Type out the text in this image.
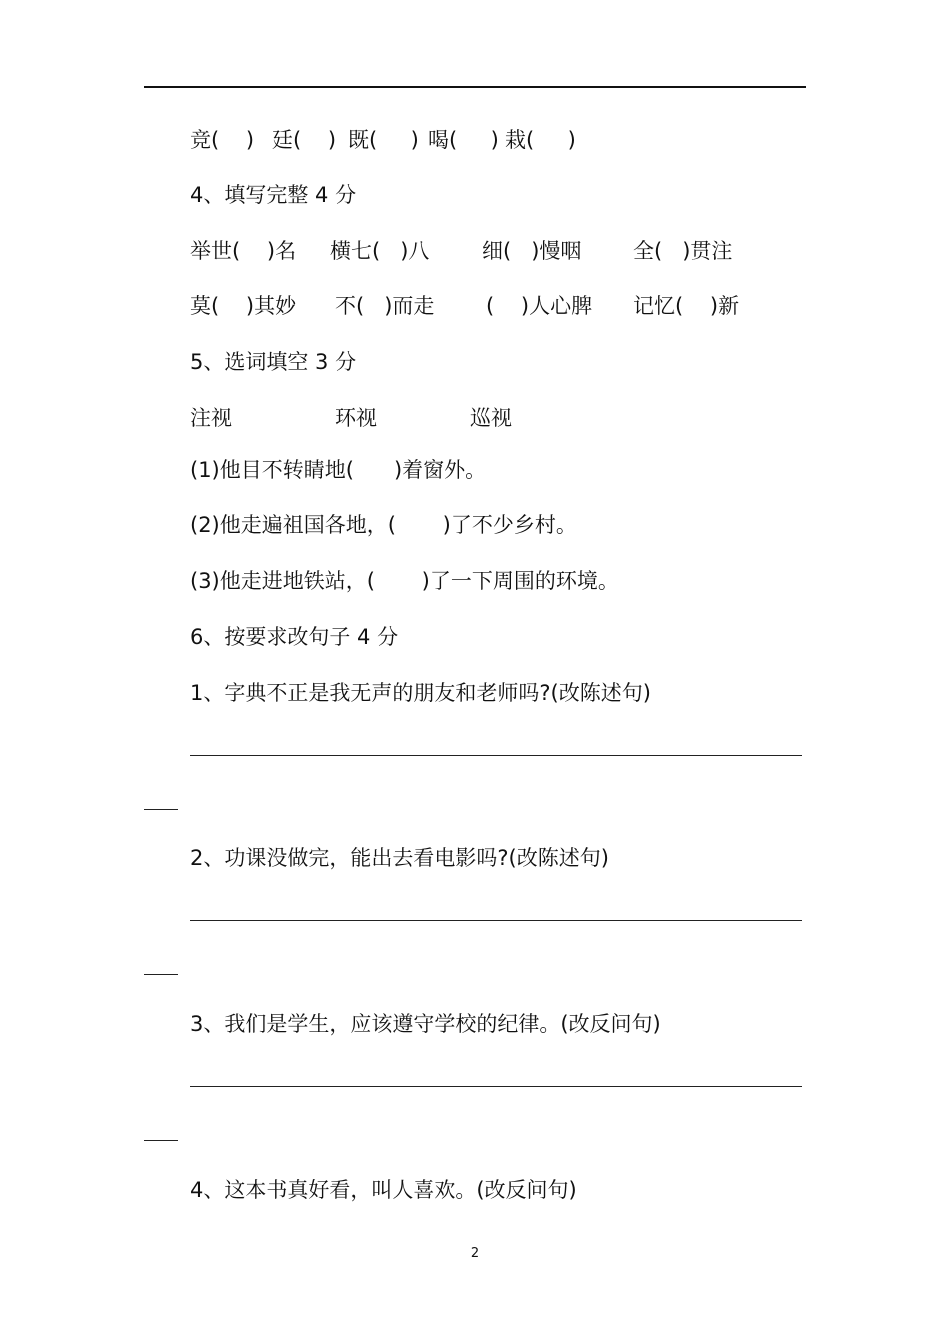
竞(    ) 廷(    ) 既(     ) 喝(     ) 栽(     )
4、填写完整 4 分
举世(    )名 横七(   )八	细(   )慢咽 全(   )贯注
莫(    )其妙 不(   )而走 (    )人心脾 记忆(    )新
5、选词填空 3 分
注视	环视	巡视
(1)他目不转睛地(      )着窗外。
(2)他走遍祖国各地，(       )了不少乡村。
(3)他走进地铁站，(       )了一下周围的环境。
6、按要求改句子 4 分
1、字典不正是我无声的朋友和老师吗?(改陈述句)
2、功课没做完，能出去看电影吗?(改陈述句)
3、我们是学生，应该遵守学校的纪律。(改反问句)
4、这本书真好看，叫人喜欢。(改反问句)
2
